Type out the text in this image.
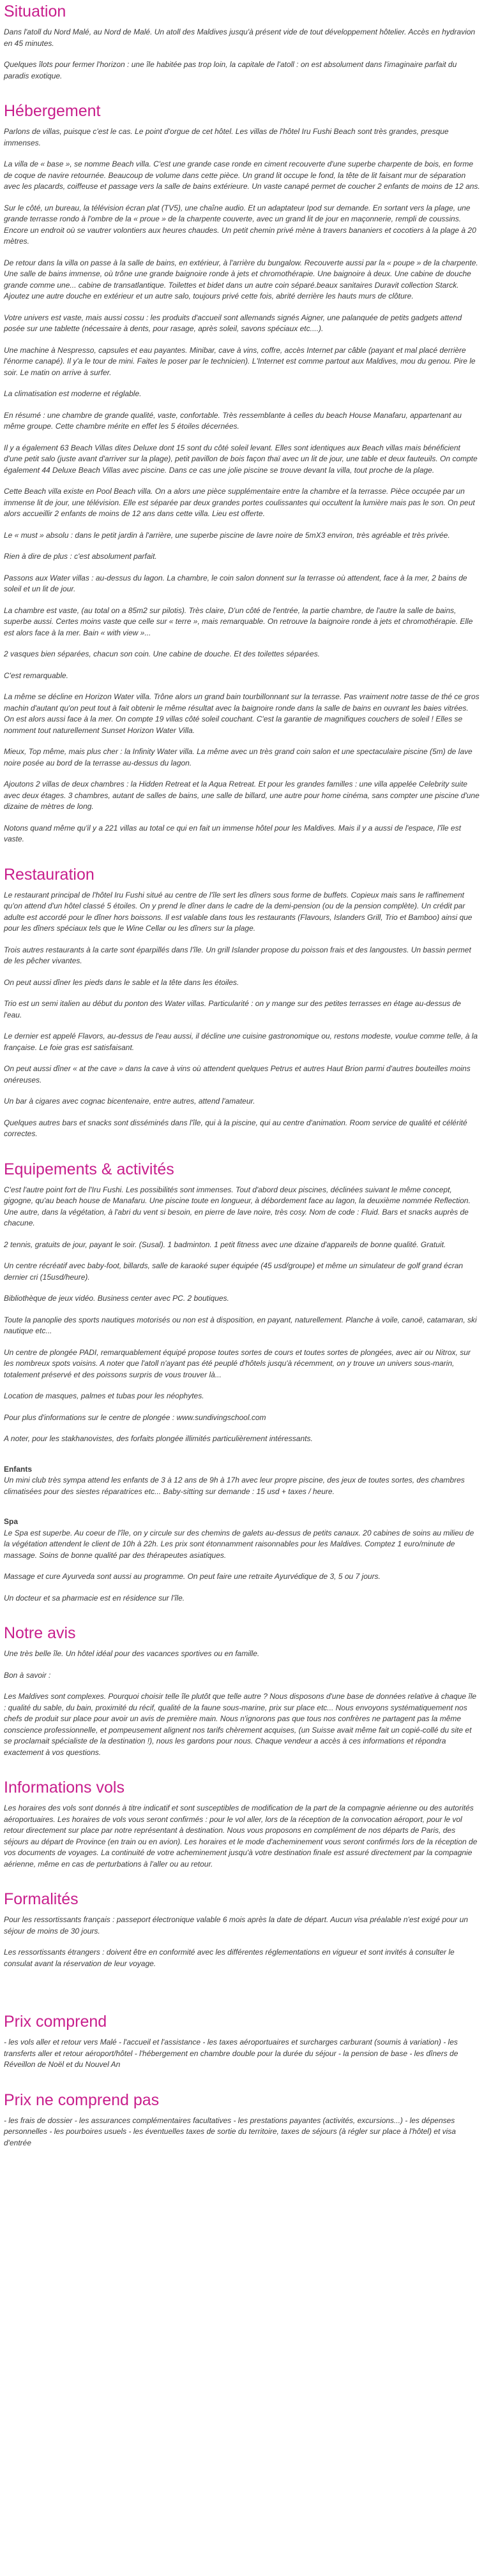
Situation

Dans l'atoll du Nord Malé, au Nord de Malé. Un atoll des Maldives jusqu'à présent vide de tout développement hôtelier. Accès en hydravion en 45 minutes.

Quelques îlots pour fermer l'horizon : une île habitée pas trop loin, la capitale de l'atoll : on est absolument dans l'imaginaire parfait du paradis exotique.

Hébergement

Parlons de villas, puisque c'est le cas. Le point d'orgue de cet hôtel. Les villas de l'hôtel Iru Fushi Beach sont très grandes, presque immenses.

La villa de « base », se nomme Beach villa. C'est une grande case ronde en ciment recouverte d'une superbe charpente de bois, en forme de coque de navire retournée. Beaucoup de volume dans cette pièce. Un grand lit occupe le fond, la tête de lit faisant mur de séparation avec les placards, coiffeuse et passage vers la salle de bains extérieure. Un vaste canapé permet de coucher 2 enfants de moins de 12 ans.

Sur le côté, un bureau, la télévision écran plat (TV5), une chaîne audio. Et un adaptateur Ipod sur demande. En sortant vers la plage, une grande terrasse rondo à l'ombre de la « proue » de la charpente couverte, avec un grand lit de jour en maçonnerie, rempli de coussins. Encore un endroit où se vautrer volontiers aux heures chaudes. Un petit chemin privé mène à travers bananiers et cocotiers à la plage à 20 mètres.

De retour dans la villa on passe à la salle de bains, en extérieur, à l'arrière du bungalow. Recouverte aussi par la « poupe » de la charpente. Une salle de bains immense, où trône une grande baignoire ronde à jets et chromothérapie. Une baignoire à deux. Une cabine de douche grande comme une... cabine de transatlantique. Toilettes et bidet dans un autre coin séparé.beaux sanitaires Duravit collection Starck. Ajoutez une autre douche en extérieur et un autre salo, toujours privé cette fois, abrité derrière les hauts murs de clôture.

Votre univers est vaste, mais aussi cossu : les produits d'accueil sont allemands signés Aigner, une palanquée de petits gadgets attend posée sur une tablette (nécessaire à dents, pour rasage, après soleil, savons spéciaux etc....).

Une machine à Nespresso, capsules et eau payantes. Minibar, cave à vins, coffre, accès Internet par câble (payant et mal placé derrière l'énorme canapé). Il y'a le tour de mini. Faites le poser par le technicien). L'Internet est comme partout aux Maldives, mou du genou. Pire le soir. Le matin on arrive à surfer.

La climatisation est moderne et réglable.

En résumé : une chambre de grande qualité, vaste, confortable. Très ressemblante à celles du beach House Manafaru, appartenant au même groupe. Cette chambre mérite en effet les 5 étoiles décernées.

Il y a également 63 Beach Villas dites Deluxe dont 15 sont du côté soleil levant. Elles sont identiques aux Beach villas mais bénéficient d'une petit salo (juste avant d'arriver sur la plage), petit pavillon de bois façon thaï avec un lit de jour, une table et deux fauteuils. On compte également 44 Deluxe Beach Villas avec piscine. Dans ce cas une jolie piscine se trouve devant la villa, tout proche de la plage.

Cette Beach villa existe en Pool Beach villa. On a alors une pièce supplémentaire entre la chambre et la terrasse. Pièce occupée par un immense lit de jour, une télévision. Elle est séparée par deux grandes portes coulissantes qui occultent la lumière mais pas le son. On peut alors accueillir 2 enfants de moins de 12 ans dans cette villa. Lieu est offerte.

Le « must » absolu : dans le petit jardin à l'arrière, une superbe piscine de lavre noire de 5mX3 environ, très agréable et très privée.

Rien à dire de plus : c'est absolument parfait.

Passons aux Water villas : au-dessus du lagon. La chambre, le coin salon donnent sur la terrasse où attendent, face à la mer, 2 bains de soleil et un lit de jour.

La chambre est vaste, (au total on a 85m2 sur pilotis). Très claire, D'un côté de l'entrée, la partie chambre, de l'autre la salle de bains, superbe aussi. Certes moins vaste que celle sur « terre », mais remarquable. On retrouve la baignoire ronde à jets et chromothérapie. Elle est alors face à la mer. Bain « with view »...

2 vasques bien séparées, chacun son coin. Une cabine de douche. Et des toilettes séparées.

C'est remarquable.

La même se décline en Horizon Water villa. Trône alors un grand bain tourbillonnant sur la terrasse. Pas vraiment notre tasse de thé ce gros machin d'autant qu'on peut tout à fait obtenir le même résultat avec la baignoire ronde dans la salle de bains en ouvrant les baies vitrées. On est alors aussi face à la mer. On compte 19 villas côté soleil couchant. C'est la garantie de magnifiques couchers de soleil ! Elles se nomment tout naturellement Sunset Horizon Water Villa.

Mieux, Top même, mais plus cher : la Infinity Water villa. La même avec un très grand coin salon et une spectaculaire piscine (5m) de lave noire posée au bord de la terrasse au-dessus du lagon.

Ajoutons 2 villas de deux chambres : la Hidden Retreat et la Aqua Retreat. Et pour les grandes familles : une villa appelée Celebrity suite avec deux étages. 3 chambres, autant de salles de bains, une salle de billard, une autre pour home cinéma, sans compter une piscine d'une dizaine de mètres de long.

Notons quand même qu'il y a 221 villas au total ce qui en fait un immense hôtel pour les Maldives. Mais il y a aussi de l'espace, l'île est vaste.

Restauration

Le restaurant principal de l'hôtel Iru Fushi situé au centre de l'île sert les dîners sous forme de buffets. Copieux mais sans le raffinement qu'on attend d'un hôtel classé 5 étoiles. On y prend le dîner dans le cadre de la demi-pension (ou de la pension complète). Un crédit par adulte est accordé pour le dîner hors boissons. Il est valable dans tous les restaurants (Flavours, Islanders Grill, Trio et Bamboo) ainsi que pour les dîners spéciaux tels que le Wine Cellar ou les dîners sur la plage.

Trois autres restaurants à la carte sont éparpillés dans l'île. Un grill Islander propose du poisson frais et des langoustes. Un bassin permet de les pêcher vivantes.

On peut aussi dîner les pieds dans le sable et la tête dans les étoiles.

Trio est un semi italien au début du ponton des Water villas. Particularité : on y mange sur des petites terrasses en étage au-dessus de l'eau.

Le dernier est appelé Flavors, au-dessus de l'eau aussi, il décline une cuisine gastronomique ou, restons modeste, voulue comme telle, à la française. Le foie gras est satisfaisant.

On peut aussi dîner « at the cave » dans la cave à vins où attendent quelques Petrus et autres Haut Brion parmi d'autres bouteilles moins onéreuses.

Un bar à cigares avec cognac bicentenaire, entre autres, attend l'amateur.

Quelques autres bars et snacks sont disséminés dans l'île, qui à la piscine, qui au centre d'animation. Room service de qualité et célérité correctes.

Equipements & activités

C'est l'autre point fort de l'Iru Fushi. Les possibilités sont immenses. Tout d'abord deux piscines, déclinées suivant le même concept, gigogne, qu'au beach house de Manafaru. Une piscine toute en longueur, à débordement face au lagon, la deuxième nommée Reflection. Une autre, dans la végétation, à l'abri du vent si besoin, en pierre de lave noire, très cosy. Nom de code : Fluid. Bars et snacks auprès de chacune.

2 tennis, gratuits de jour, payant le soir. (Susal). 1 badminton. 1 petit fitness avec une dizaine d'appareils de bonne qualité. Gratuit.

Un centre récréatif avec baby-foot, billards, salle de karaoké super équipée (45 usd/groupe) et même un simulateur de golf grand écran dernier cri (15usd/heure).

Bibliothèque de jeux vidéo. Business center avec PC. 2 boutiques.

Toute la panoplie des sports nautiques motorisés ou non est à disposition, en payant, naturellement. Planche à voile, canoë, catamaran, ski nautique etc...

Un centre de plongée PADI, remarquablement équipé propose toutes sortes de cours et toutes sortes de plongées, avec air ou Nitrox, sur les nombreux spots voisins. A noter que l'atoll n'ayant pas été peuplé d'hôtels jusqu'à récemment, on y trouve un univers sous-marin, totalement préservé et des poissons surpris de vous trouver là...

Location de masques, palmes et tubas pour les néophytes.

Pour plus d'informations sur le centre de plongée : www.sundivingschool.com

A noter, pour les stakhanovistes, des forfaits plongée illimités particulièrement intéressants.

Enfants

Un mini club très sympa attend les enfants de 3 à 12 ans de 9h à 17h avec leur propre piscine, des jeux de toutes sortes, des chambres climatisées pour des siestes réparatrices etc... Baby-sitting sur demande : 15 usd + taxes / heure.

Spa

Le Spa est superbe. Au coeur de l'île, on y circule sur des chemins de galets au-dessus de petits canaux. 20 cabines de soins au milieu de la végétation attendent le client de 10h à 22h. Les prix sont étonnamment raisonnables pour les Maldives. Comptez 1 euro/minute de massage. Soins de bonne qualité par des thérapeutes asiatiques.

Massage et cure Ayurveda sont aussi au programme. On peut faire une retraite Ayurvédique de 3, 5 ou 7 jours.

Un docteur et sa pharmacie est en résidence sur l'île.

Notre avis

Une très belle île. Un hôtel idéal pour des vacances sportives ou en famille.

Bon à savoir :

Les Maldives sont complexes. Pourquoi choisir telle île plutôt que telle autre ? Nous disposons d'une base de données relative à chaque île : qualité du sable, du bain, proximité du récif, qualité de la faune sous-marine, prix sur place etc... Nous envoyons systématiquement nos chefs de produit sur place pour avoir un avis de première main. Nous n'ignorons pas que tous nos confrères ne partagent pas la même conscience professionnelle, et pompeusement alignent nos tarifs chèrement acquises, (un Suisse avait même fait un copié-collé du site et se proclamait spécialiste de la destination !), nous les gardons pour nous. Chaque vendeur a accès à ces informations et répondra exactement à vos questions.

Informations vols

Les horaires des vols sont donnés à titre indicatif et sont susceptibles de modification de la part de la compagnie aérienne ou des autorités aéroportuaires. Les horaires de vols vous seront confirmés : pour le vol aller, lors de la réception de la convocation aéroport, pour le vol retour directement sur place par notre représentant à destination. Nous vous proposons en complément de nos départs de Paris, des séjours au départ de Province (en train ou en avion). Les horaires et le mode d'acheminement vous seront confirmés lors de la réception de vos documents de voyages. La continuité de votre acheminement jusqu'à votre destination finale est assuré directement par la compagnie aérienne, même en cas de perturbations à l'aller ou au retour.

Formalités

Pour les ressortissants français : passeport électronique valable 6 mois après la date de départ. Aucun visa préalable n'est exigé pour un séjour de moins de 30 jours.

Les ressortissants étrangers : doivent être en conformité avec les différentes réglementations en vigueur et sont invités à consulter le consulat avant la réservation de leur voyage.

Prix comprend

- les vols aller et retour vers Malé - l'accueil et l'assistance - les taxes aéroportuaires et surcharges carburant (soumis à variation) - les transferts aller et retour aéroport/hôtel - l'hébergement en chambre double pour la durée du séjour - la pension de base - les dîners de Réveillon de Noël et du Nouvel An

Prix ne comprend pas

- les frais de dossier - les assurances complémentaires facultatives - les prestations payantes (activités, excursions...) - les dépenses personnelles - les pourboires usuels - les éventuelles taxes de sortie du territoire, taxes de séjours (à régler sur place à l'hôtel) et visa d'entrée
